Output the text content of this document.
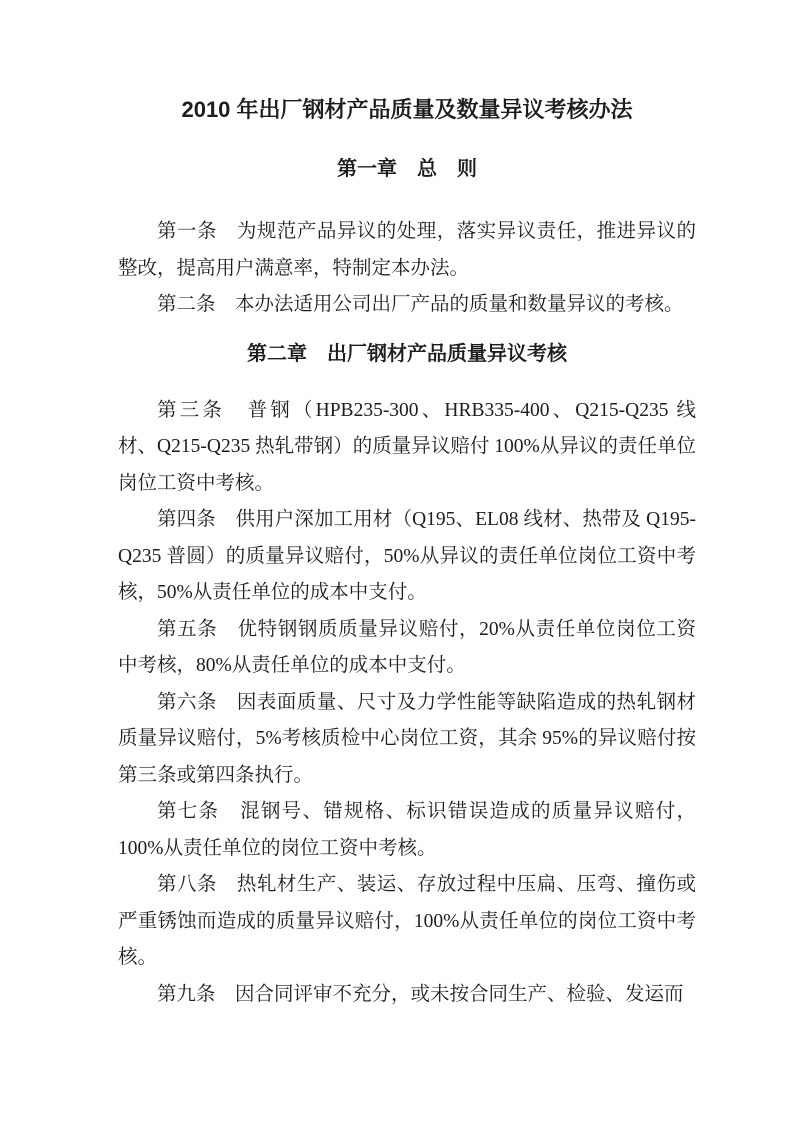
2010 年出厂钢材产品质量及数量异议考核办法
第一章　总　则

第一条　为规范产品异议的处理，落实异议责任，推进异议的整改，提高用户满意率，特制定本办法。

第二条　本办法适用公司出厂产品的质量和数量异议的考核。

第二章　出厂钢材产品质量异议考核

第三条　普钢（HPB235-300、HRB335-400、Q215-Q235 线材、Q215-Q235 热轧带钢）的质量异议赔付 100%从异议的责任单位岗位工资中考核。

第四条　供用户深加工用材（Q195、EL08 线材、热带及 Q195-Q235 普圆）的质量异议赔付，50%从异议的责任单位岗位工资中考核，50%从责任单位的成本中支付。

第五条　优特钢钢质质量异议赔付，20%从责任单位岗位工资中考核，80%从责任单位的成本中支付。

第六条　因表面质量、尺寸及力学性能等缺陷造成的热轧钢材质量异议赔付，5%考核质检中心岗位工资，其余 95%的异议赔付按第三条或第四条执行。

第七条　混钢号、错规格、标识错误造成的质量异议赔付，100%从责任单位的岗位工资中考核。

第八条　热轧材生产、装运、存放过程中压扁、压弯、撞伤或严重锈蚀而造成的质量异议赔付，100%从责任单位的岗位工资中考核。

第九条　因合同评审不充分，或未按合同生产、检验、发运而
